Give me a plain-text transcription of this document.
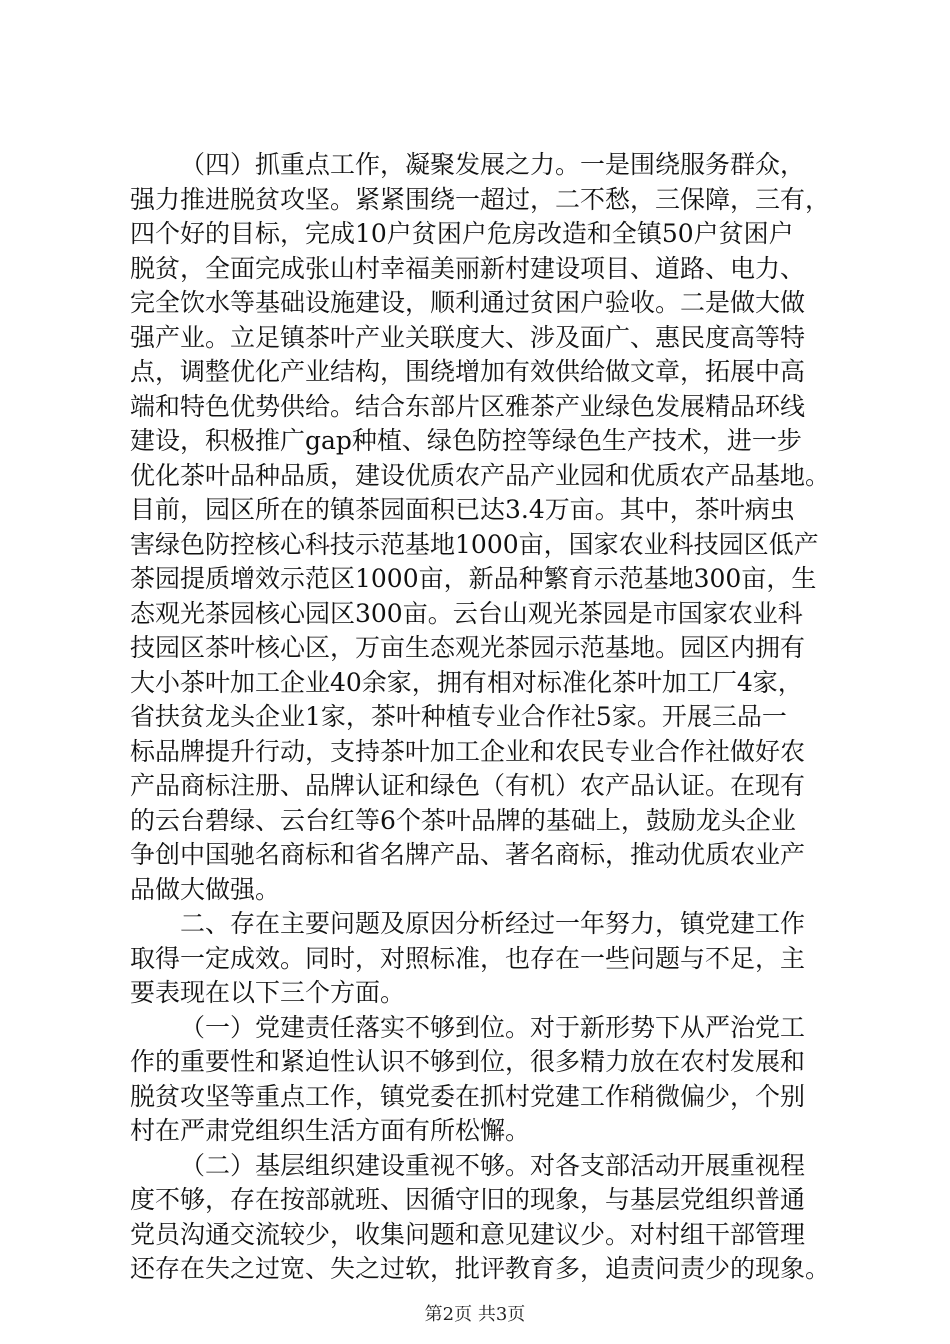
（四）抓重点工作，凝聚发展之力。一是围绕服务群众，
强力推进脱贫攻坚。紧紧围绕一超过，二不愁，三保障，三有，
四个好的目标，完成10户贫困户危房改造和全镇50户贫困户
脱贫，全面完成张山村幸福美丽新村建设项目、道路、电力、
完全饮水等基础设施建设，顺利通过贫困户验收。二是做大做
强产业。立足镇茶叶产业关联度大、涉及面广、惠民度高等特
点，调整优化产业结构，围绕增加有效供给做文章，拓展中高
端和特色优势供给。结合东部片区雅茶产业绿色发展精品环线
建设，积极推广gap种植、绿色防控等绿色生产技术，进一步
优化茶叶品种品质，建设优质农产品产业园和优质农产品基地。
目前，园区所在的镇茶园面积已达3.4万亩。其中，茶叶病虫
害绿色防控核心科技示范基地1000亩，国家农业科技园区低产
茶园提质增效示范区1000亩，新品种繁育示范基地300亩，生
态观光茶园核心园区300亩。云台山观光茶园是市国家农业科
技园区茶叶核心区，万亩生态观光茶园示范基地。园区内拥有
大小茶叶加工企业40余家，拥有相对标准化茶叶加工厂4家，
省扶贫龙头企业1家，茶叶种植专业合作社5家。开展三品一
标品牌提升行动，支持茶叶加工企业和农民专业合作社做好农
产品商标注册、品牌认证和绿色（有机）农产品认证。在现有
的云台碧绿、云台红等6个茶叶品牌的基础上，鼓励龙头企业
争创中国驰名商标和省名牌产品、著名商标，推动优质农业产
品做大做强。
二、存在主要问题及原因分析经过一年努力，镇党建工作
取得一定成效。同时，对照标准，也存在一些问题与不足，主
要表现在以下三个方面。
（一）党建责任落实不够到位。对于新形势下从严治党工
作的重要性和紧迫性认识不够到位，很多精力放在农村发展和
脱贫攻坚等重点工作，镇党委在抓村党建工作稍微偏少，个别
村在严肃党组织生活方面有所松懈。
（二）基层组织建设重视不够。对各支部活动开展重视程
度不够，存在按部就班、因循守旧的现象，与基层党组织普通
党员沟通交流较少，收集问题和意见建议少。对村组干部管理
还存在失之过宽、失之过软，批评教育多，追责问责少的现象。
第2页 共3页
